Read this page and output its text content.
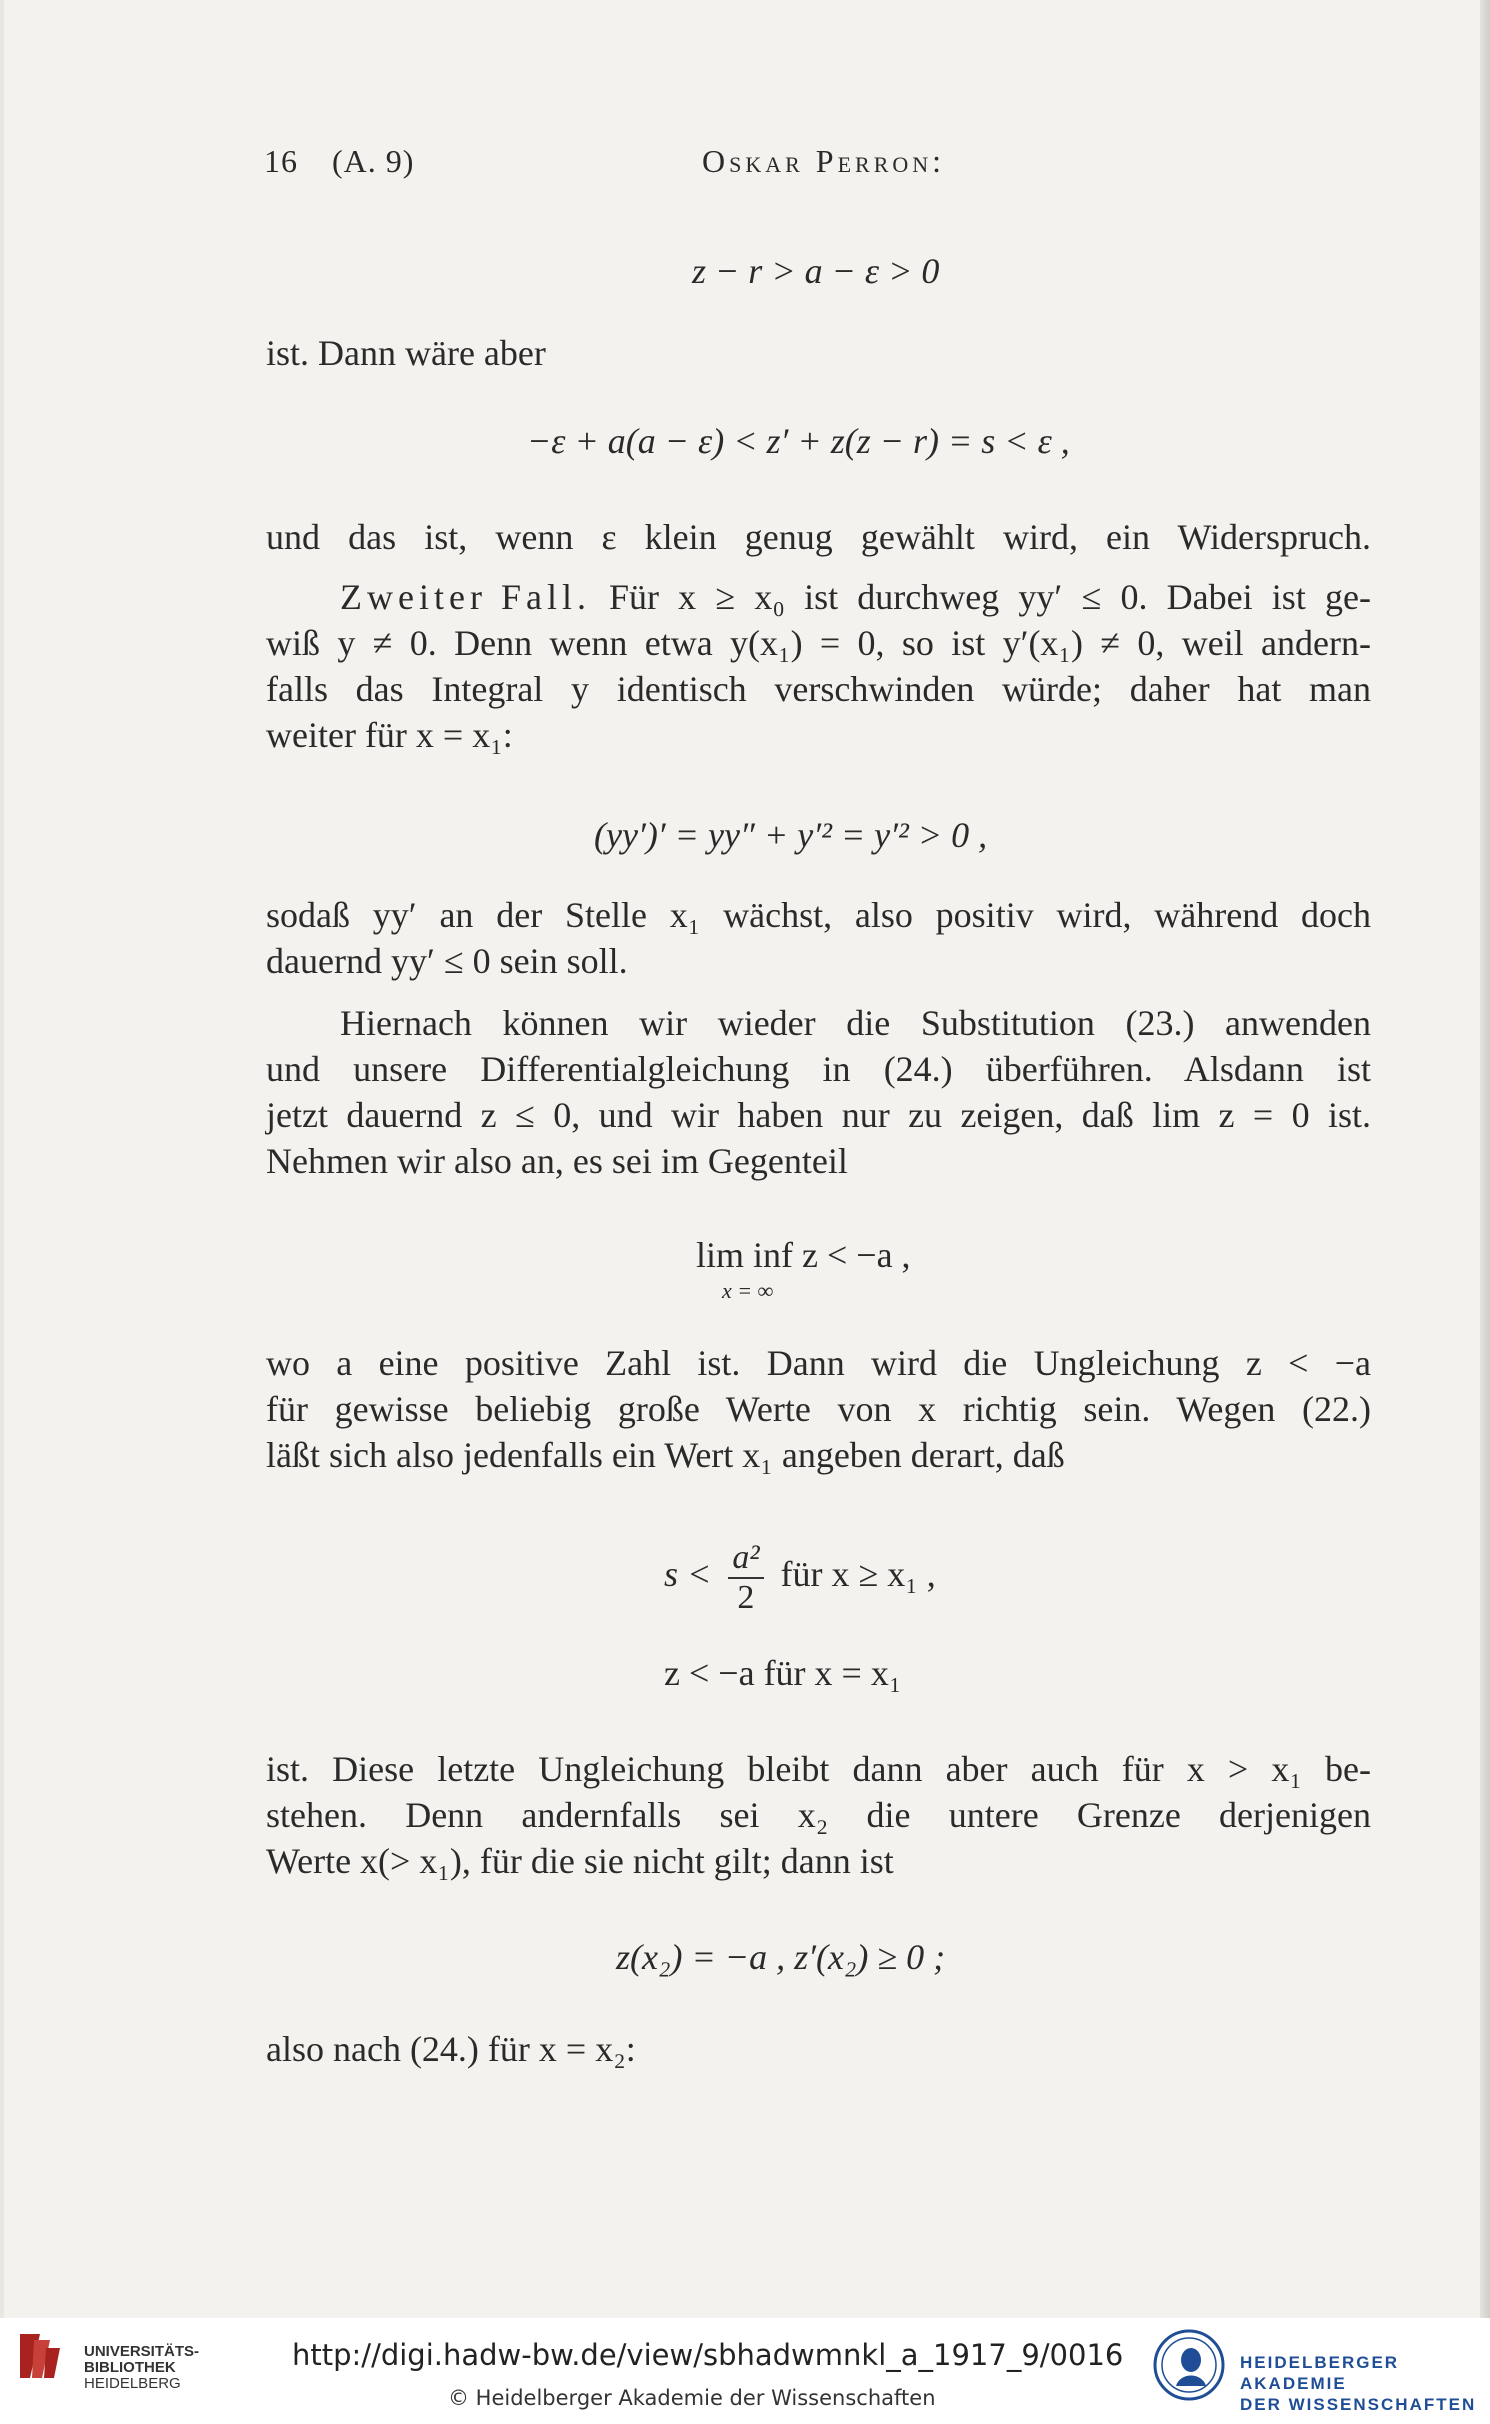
16 (A. 9)	Oskar Perron:
z − r > a − ε > 0
ist. Dann wäre aber
−ε + a(a − ε) < z′ + z(z − r) = s < ε ,
und das ist, wenn ε klein genug gewählt wird, ein Widerspruch.
Zweiter Fall. Für x ≥ x₀ ist durchweg yy′ ≤ 0. Dabei ist ge-
wiß y ≠ 0. Denn wenn etwa y(x₁) = 0, so ist y′(x₁) ≠ 0, weil andern-
falls das Integral y identisch verschwinden würde; daher hat man
weiter für x = x₁:
(yy′)′ = yy″ + y′² = y′² > 0 ,
sodaß yy′ an der Stelle x₁ wächst, also positiv wird, während doch
dauernd yy′ ≤ 0 sein soll.
Hiernach können wir wieder die Substitution (23.) anwenden
und unsere Differentialgleichung in (24.) überführen. Alsdann ist
jetzt dauernd z ≤ 0, und wir haben nur zu zeigen, daß lim z = 0 ist.
Nehmen wir also an, es sei im Gegenteil
lim inf z < −a ,
x = ∞
wo a eine positive Zahl ist. Dann wird die Ungleichung z < −a
für gewisse beliebig große Werte von x richtig sein. Wegen (22.)
läßt sich also jedenfalls ein Wert x₁ angeben derart, daß
$s < \frac{\text{a²}}{2}$ für x ≥ x₁ ,
z < −a für x = x₁
ist. Diese letzte Ungleichung bleibt dann aber auch für x > x₁ be-
stehen. Denn andernfalls sei x₂ die untere Grenze derjenigen
Werte x(> x₁), für die sie nicht gilt; dann ist
z(x₂) = −a , z′(x₂) ≥ 0 ;
also nach (24.) für x = x₂:
UNIVERSITÄTS-
BIBLIOTHEK
HEIDELBERG
http://digi.hadw-bw.de/view/sbhadwmnkl_a_1917_9/0016
© Heidelberger Akademie der Wissenschaften
HEIDELBERGER AKADEMIE
DER WISSENSCHAFTEN
